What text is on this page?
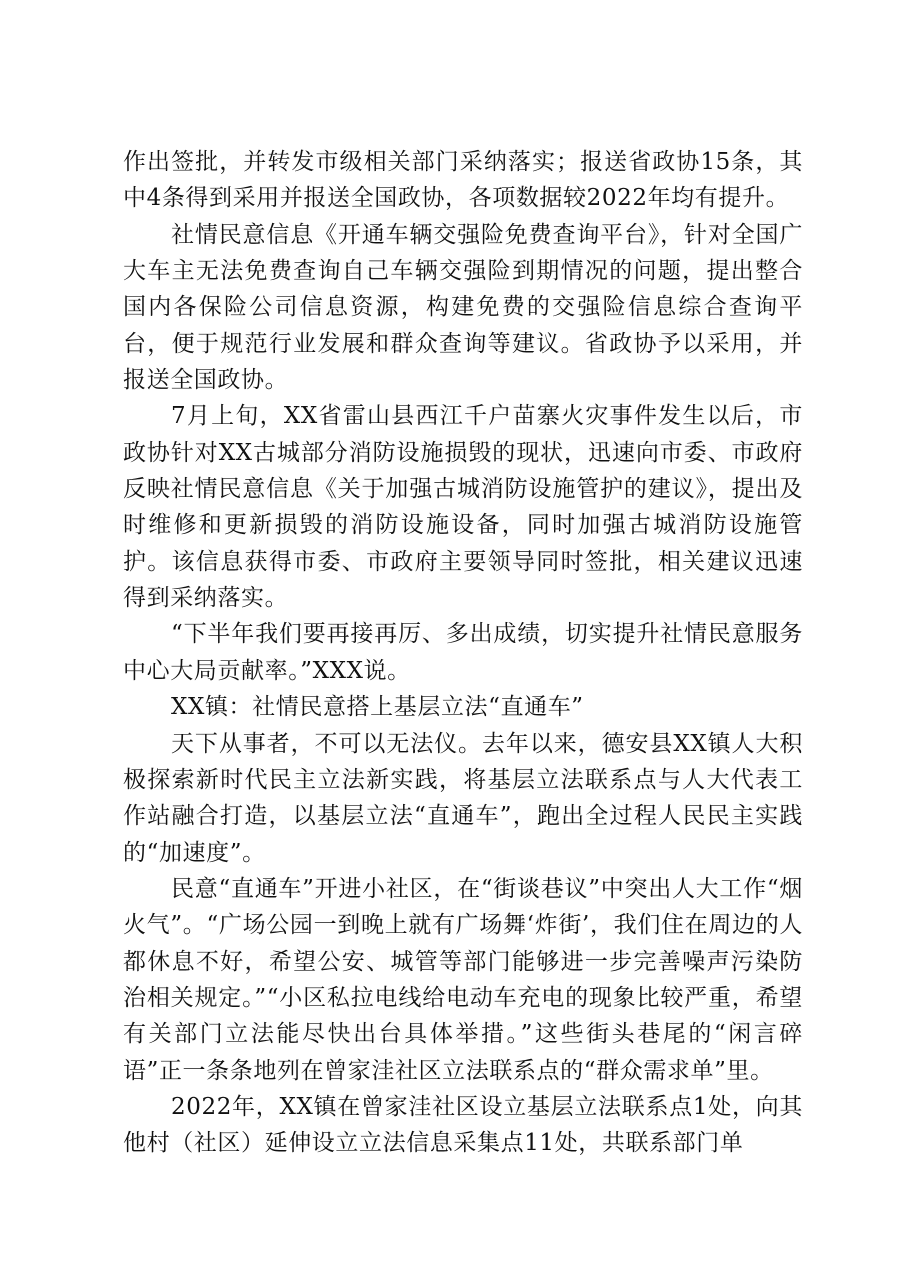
作出签批，并转发市级相关部门采纳落实；报送省政协15条，其中4条得到采用并报送全国政协，各项数据较2022年均有提升。

社情民意信息《开通车辆交强险免费查询平台》，针对全国广大车主无法免费查询自己车辆交强险到期情况的问题，提出整合国内各保险公司信息资源，构建免费的交强险信息综合查询平台，便于规范行业发展和群众查询等建议。省政协予以采用，并报送全国政协。

7月上旬，XX省雷山县西江千户苗寨火灾事件发生以后，市政协针对XX古城部分消防设施损毁的现状，迅速向市委、市政府反映社情民意信息《关于加强古城消防设施管护的建议》，提出及时维修和更新损毁的消防设施设备，同时加强古城消防设施管护。该信息获得市委、市政府主要领导同时签批，相关建议迅速得到采纳落实。

“下半年我们要再接再厉、多出成绩，切实提升社情民意服务中心大局贡献率。”XXX说。

XX镇：社情民意搭上基层立法“直通车”

天下从事者，不可以无法仪。去年以来，德安县XX镇人大积极探索新时代民主立法新实践，将基层立法联系点与人大代表工作站融合打造，以基层立法“直通车”，跑出全过程人民民主实践的“加速度”。

民意“直通车”开进小社区，在“街谈巷议”中突出人大工作“烟火气”。“广场公园一到晚上就有广场舞‘炸街’，我们住在周边的人都休息不好，希望公安、城管等部门能够进一步完善噪声污染防治相关规定。”“小区私拉电线给电动车充电的现象比较严重，希望有关部门立法能尽快出台具体举措。”这些街头巷尾的“闲言碎语”正一条条地列在曾家洼社区立法联系点的“群众需求单”里。

2022年，XX镇在曾家洼社区设立基层立法联系点1处，向其他村（社区）延伸设立立法信息采集点11处，共联系部门单
